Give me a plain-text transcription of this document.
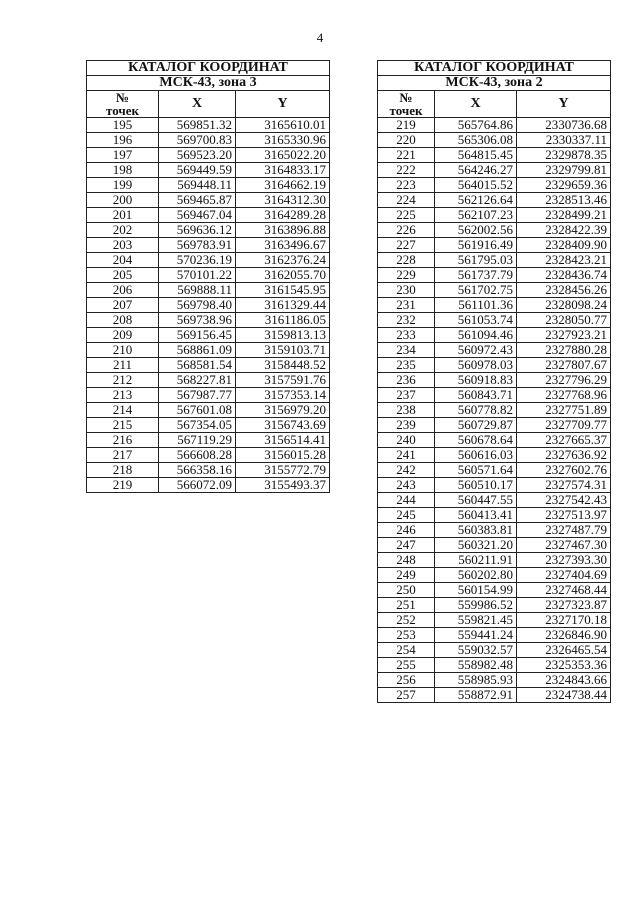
4
КАТАЛОГ КООРДИНАТ		
МСК-43, зона 3		

№
точек	X	Y
195	569851.32	3165610.01
196	569700.83	3165330.96
197	569523.20	3165022.20
198	569449.59	3164833.17
199	569448.11	3164662.19
200	569465.87	3164312.30
201	569467.04	3164289.28
202	569636.12	3163896.88
203	569783.91	3163496.67
204	570236.19	3162376.24
205	570101.22	3162055.70
206	569888.11	3161545.95
207	569798.40	3161329.44
208	569738.96	3161186.05
209	569156.45	3159813.13
210	568861.09	3159103.71
211	568581.54	3158448.52
212	568227.81	3157591.76
213	567987.77	3157353.14
214	567601.08	3156979.20
215	567354.05	3156743.69
216	567119.29	3156514.41
217	566608.28	3156015.28
218	566358.16	3155772.79
219	566072.09	3155493.37
КАТАЛОГ КООРДИНАТ		
МСК-43, зона 2		

№
точек	X	Y
219	565764.86	2330736.68
220	565306.08	2330337.11
221	564815.45	2329878.35
222	564246.27	2329799.81
223	564015.52	2329659.36
224	562126.64	2328513.46
225	562107.23	2328499.21
226	562002.56	2328422.39
227	561916.49	2328409.90
228	561795.03	2328423.21
229	561737.79	2328436.74
230	561702.75	2328456.26
231	561101.36	2328098.24
232	561053.74	2328050.77
233	561094.46	2327923.21
234	560972.43	2327880.28
235	560978.03	2327807.67
236	560918.83	2327796.29
237	560843.71	2327768.96
238	560778.82	2327751.89
239	560729.87	2327709.77
240	560678.64	2327665.37
241	560616.03	2327636.92
242	560571.64	2327602.76
243	560510.17	2327574.31
244	560447.55	2327542.43
245	560413.41	2327513.97
246	560383.81	2327487.79
247	560321.20	2327467.30
248	560211.91	2327393.30
249	560202.80	2327404.69
250	560154.99	2327468.44
251	559986.52	2327323.87
252	559821.45	2327170.18
253	559441.24	2326846.90
254	559032.57	2326465.54
255	558982.48	2325353.36
256	558985.93	2324843.66
257	558872.91	2324738.44
